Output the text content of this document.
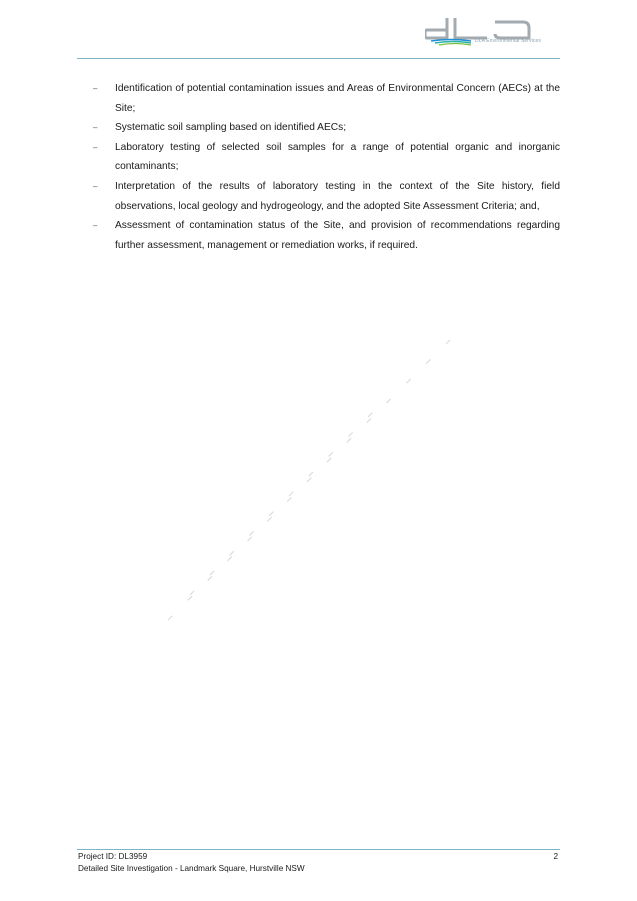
DLA Environmental Services
– Identification of potential contamination issues and Areas of Environmental Concern (AECs) at the Site;
– Systematic soil sampling based on identified AECs;
– Laboratory testing of selected soil samples for a range of potential organic and inorganic contaminants;
– Interpretation of the results of laboratory testing in the context of the Site history, field observations, local geology and hydrogeology, and the adopted Site Assessment Criteria; and,
– Assessment of contamination status of the Site, and provision of recommendations regarding further assessment, management or remediation works, if required.
Project ID: DL3959	2
Detailed Site Investigation - Landmark Square, Hurstville NSW
